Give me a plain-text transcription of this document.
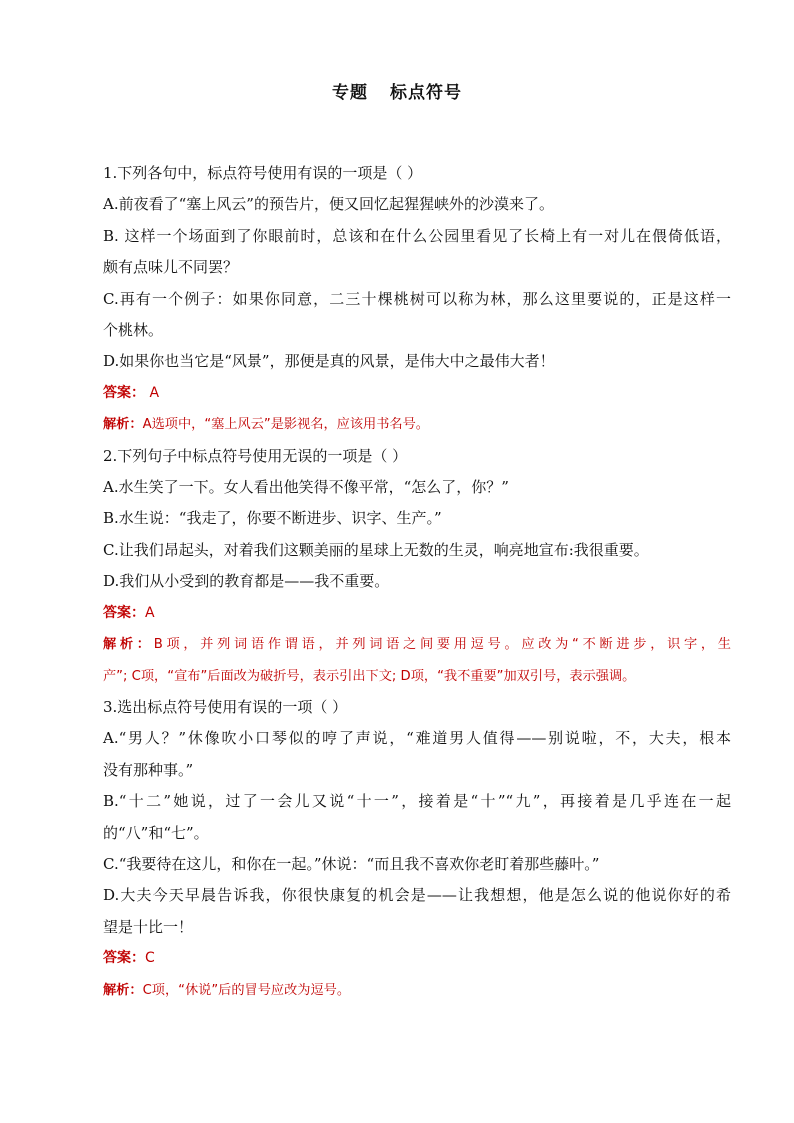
专题 标点符号
1.下列各句中，标点符号使用有误的一项是（ ）
A.前夜看了“塞上风云”的预告片，便又回忆起猩猩峡外的沙漠来了。
B. 这样一个场面到了你眼前时，总该和在什么公园里看见了长椅上有一对儿在偎倚低语，
颇有点味儿不同罢？
C.再有一个例子：如果你同意，二三十棵桃树可以称为林，那么这里要说的，正是这样一
个桃林。
D.如果你也当它是“风景”，那便是真的风景，是伟大中之最伟大者！
答案： A
解析：A选项中，“塞上风云”是影视名，应该用书名号。
2.下列句子中标点符号使用无误的一项是（ ）
A.水生笑了一下。女人看出他笑得不像平常，“怎么了，你？”
B.水生说：“我走了，你要不断进步、识字、生产。”
C.让我们昂起头，对着我们这颗美丽的星球上无数的生灵，响亮地宣布:我很重要。
D.我们从小受到的教育都是——我不重要。
答案：A
解析：B项，并列词语作谓语，并列词语之间要用逗号。应改为“不断进步，识字，生
产”; C项，“宣布”后面改为破折号，表示引出下文; D项，“我不重要”加双引号，表示强调。
3.选出标点符号使用有误的一项（ ）
A.“男人？”休像吹小口琴似的哼了声说，“难道男人值得——别说啦，不，大夫，根本
没有那种事。”
B.“十二”她说，过了一会儿又说“十一”，接着是“十”“九”，再接着是几乎连在一起
的“八”和“七”。
C.“我要待在这儿，和你在一起。”休说：“而且我不喜欢你老盯着那些藤叶。”
D.大夫今天早晨告诉我，你很快康复的机会是——让我想想，他是怎么说的他说你好的希
望是十比一！
答案：C
解析：C项，“休说”后的冒号应改为逗号。
